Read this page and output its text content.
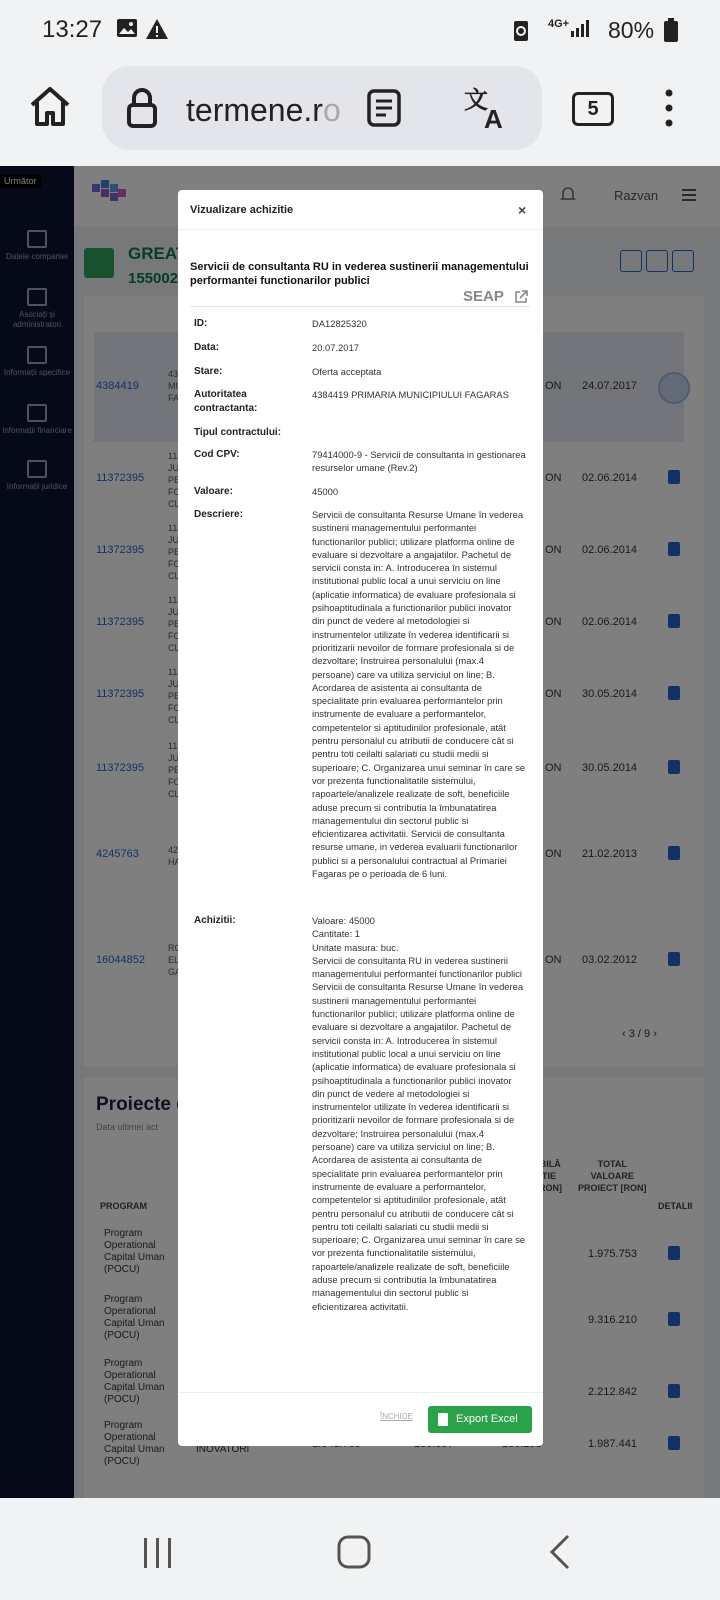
13:27	4G+ 80%
termene.ro	文
A	5
Vizualizare achizitie	×
Servicii de consultanta RU in vederea sustinerii managementului performantei functionarilor publici
SEAP
ID:	DA12825320
Data:	20.07.2017
Stare:	Oferta acceptata
Autoritatea contractanta:
4384419 PRIMARIA MUNICIPIULUI FAGARAS
Tipul contractului:
Cod CPV:	79414000-9 - Servicii de consultanta in gestionarea resurselor umane (Rev.2)
Valoare:	45000
Descriere:	Servicii de consultanta Resurse Umane în vederea sustinerii managementului performantei functionarilor publici; utilizare platforma online de evaluare si dezvoltare a angajatilor. Pachetul de servicii consta in: A. Introducerea în sistemul institutional public local a unui serviciu on line (aplicatie informatica) de evaluare profesionala si psihoaptitudinala a functionarilor publici inovator din punct de vedere al metodologiei si instrumentelor utilizate în vederea identificarii si prioritizarii nevoilor de formare profesionala si de dezvoltare; Instruirea personalului (max.4 persoane) care va utiliza serviciul on line; B. Acordarea de asistenta ai consultanta de specialitate prin evaluarea performantelor prin instrumente de evaluare a performantelor, competentelor si aptitudinilor profesionale, atât pentru personalul cu atributii de conducere cât si pentru toti ceilalti salariati cu studii medii si superioare; C. Organizarea unui seminar în care se vor prezenta functionalitatile sistemului, rapoartele/analizele realizate de soft, beneficiile aduse precum si contributia la îmbunatatirea managementului din sectorul public si eficientizarea activitatii. Servicii de consultanta resurse umane, in vederea evaluarii functionarilor publici si a personalului contractual al Primariei Fagaras pe o perioada de 6 luni.
Achizitii:	Valoare: 45000
Cantitate: 1
Unitate masura: buc.
Servicii de consultanta RU in vederea sustinerii managementului performantei functionarilor publici
Servicii de consultanta Resurse Umane în vederea sustinerii managementului performantei functionarilor publici; utilizare platforma online de evaluare si dezvoltare a angajatilor. Pachetul de servicii consta in: A. Introducerea în sistemul institutional public local a unui serviciu on line (aplicatie informatica) de evaluare profesionala si psihoaptitudinala a functionarilor publici inovator din punct de vedere al metodologiei si instrumentelor utilizate în vederea identificarii si prioritizarii nevoilor de formare profesionala si de dezvoltare; Instruirea personalului (max.4 persoane) care va utiliza serviciul on line; B. Acordarea de asistenta ai consultanta de specialitate prin evaluarea performantelor prin instrumente de evaluare a performantelor, competentelor si aptitudinilor profesionale, atât pentru personalul cu atributii de conducere cât si pentru toti ceilalti salariati cu studii medii si superioare; C. Organizarea unui seminar în care se vor prezenta functionalitatile sistemului, rapoartele/analizele realizate de soft, beneficiile aduse precum si contributia la îmbunatatirea managementului din sectorul public si eficientizarea activitatii.
ÎNCHIDE	Export Excel
